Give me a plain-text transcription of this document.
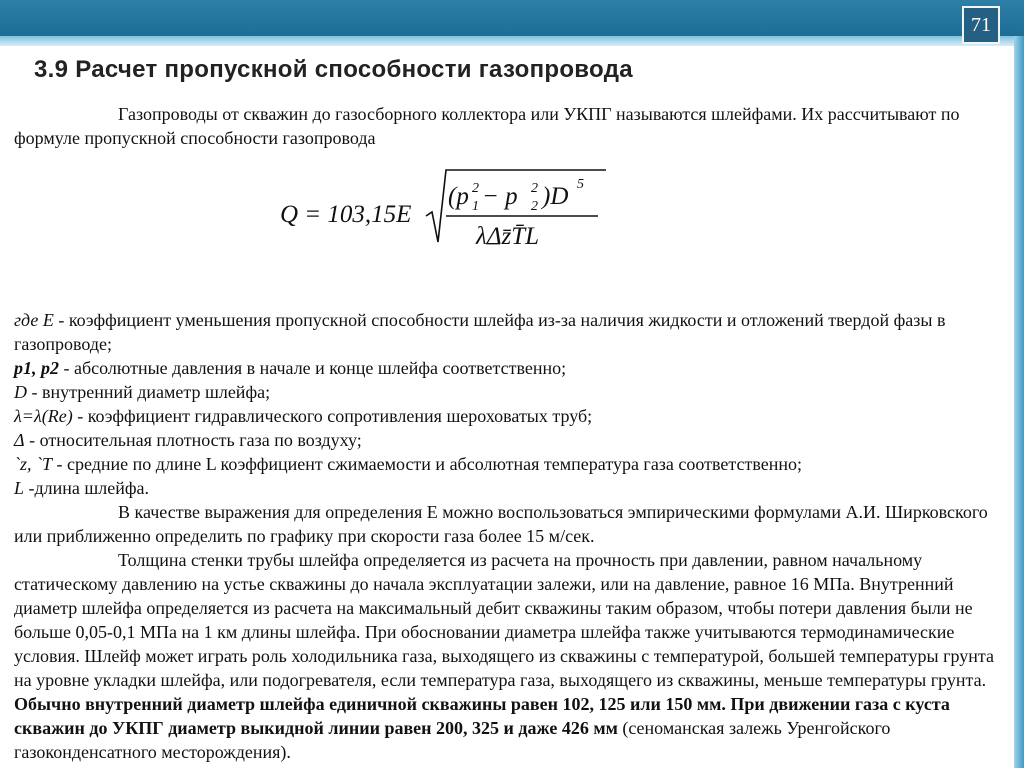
71
3.9 Расчет пропускной способности газопровода

Газопроводы от скважин до газосборного коллектора или УКПГ называются шлейфами. Их рассчитывают по формуле пропускной способности газопровода

Q = 103,15E
(p 1
2 − p 2
2 )D 5
λΔz̄T̄L

где E - коэффициент уменьшения пропускной способности шлейфа из-за наличия жидкости и отложений твердой фазы в газопроводе;

p1, p2 - абсолютные давления в начале и конце шлейфа соответственно;

D - внутренний диаметр шлейфа;

λ=λ(Re) - коэффициент гидравлического сопротивления шероховатых труб;

Δ - относительная плотность газа по воздуху;

`z, `T - средние по длине L коэффициент сжимаемости и абсолютная температура газа соответственно;

L -длина шлейфа.

В качестве выражения для определения Е можно воспользоваться эмпирическими формулами А.И. Ширковского или приближенно определить по графику при скорости газа более 15 м/сек.

Толщина стенки трубы шлейфа определяется из расчета на прочность при давлении, равном начальному статическому давлению на устье скважины до начала эксплуатации залежи, или на давление, равное 16 МПа. Внутренний диаметр шлейфа определяется из расчета на максимальный дебит скважины таким образом, чтобы потери давления были не больше 0,05-0,1 МПа на 1 км длины шлейфа. При обосновании диаметра шлейфа также учитываются термодинамические условия. Шлейф может играть роль холодильника газа, выходящего из скважины с температурой, большей температуры грунта на уровне укладки шлейфа, или подогревателя, если температура газа, выходящего из скважины, меньше температуры грунта. Обычно внутренний диаметр шлейфа единичной скважины равен 102, 125 или 150 мм. При движении газа с куста скважин до УКПГ диаметр выкидной линии равен 200, 325 и даже 426 мм (сеноманская залежь Уренгойского газоконденсатного месторождения).
